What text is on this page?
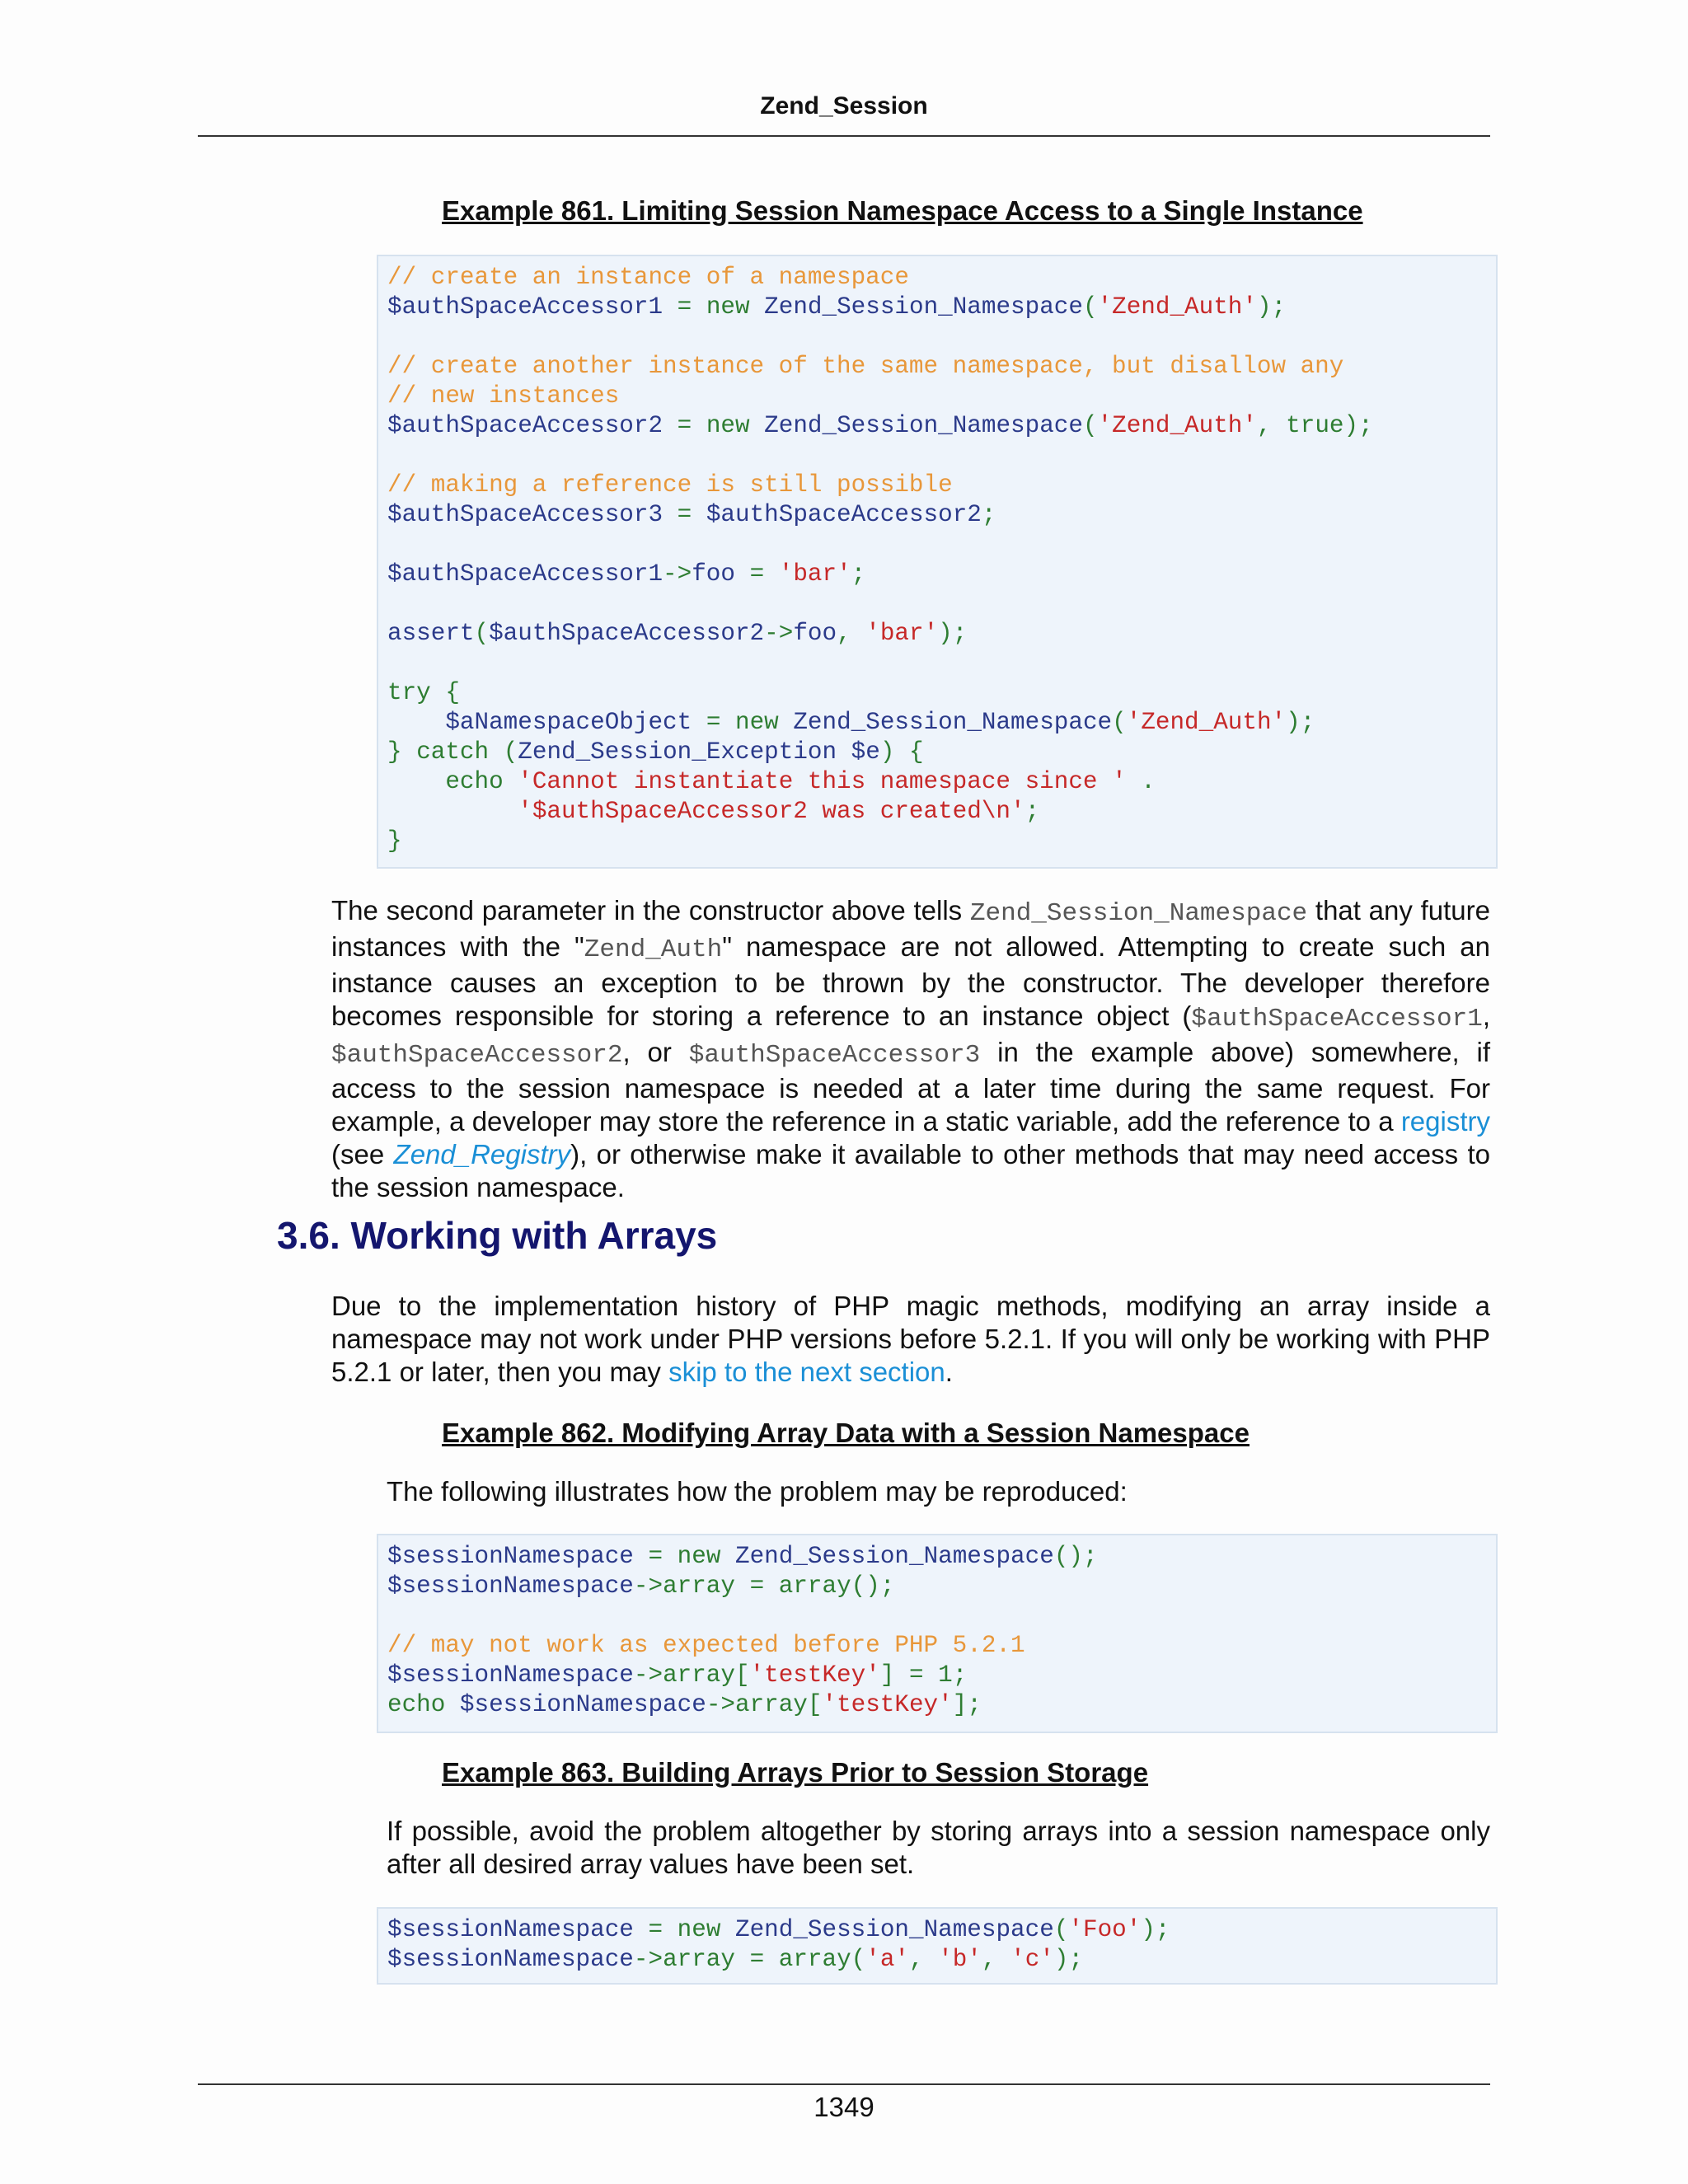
Zend_Session
Example 861. Limiting Session Namespace Access to a Single Instance
// create an instance of a namespace
$authSpaceAccessor1 = new Zend_Session_Namespace('Zend_Auth');

// create another instance of the same namespace, but disallow any
// new instances
$authSpaceAccessor2 = new Zend_Session_Namespace('Zend_Auth', true);

// making a reference is still possible
$authSpaceAccessor3 = $authSpaceAccessor2;

$authSpaceAccessor1->foo = 'bar';

assert($authSpaceAccessor2->foo, 'bar');

try {
$aNamespaceObject = new Zend_Session_Namespace('Zend_Auth');
} catch (Zend_Session_Exception $e) {
echo 'Cannot instantiate this namespace since ' .
'$authSpaceAccessor2 was created\n';
}
The second parameter in the constructor above tells Zend_Session_Namespace that any future instances with the "Zend_Auth" namespace are not allowed. Attempting to create such an instance causes an exception to be thrown by the constructor. The developer therefore becomes responsible for storing a reference to an instance object ($authSpaceAccessor1, $authSpaceAccessor2, or $authSpaceAccessor3 in the example above) somewhere, if access to the session namespace is needed at a later time during the same request. For example, a developer may store the reference in a static variable, add the reference to a registry (see Zend_Registry), or otherwise make it available to other methods that may need access to the session namespace.
3.6. Working with Arrays
Due to the implementation history of PHP magic methods, modifying an array inside a namespace may not work under PHP versions before 5.2.1. If you will only be working with PHP 5.2.1 or later, then you may skip to the next section.
Example 862. Modifying Array Data with a Session Namespace
The following illustrates how the problem may be reproduced:
$sessionNamespace = new Zend_Session_Namespace();
$sessionNamespace->array = array();

// may not work as expected before PHP 5.2.1
$sessionNamespace->array['testKey'] = 1;
echo $sessionNamespace->array['testKey'];
Example 863. Building Arrays Prior to Session Storage
If possible, avoid the problem altogether by storing arrays into a session namespace only after all desired array values have been set.
$sessionNamespace = new Zend_Session_Namespace('Foo');
$sessionNamespace->array = array('a', 'b', 'c');
1349
